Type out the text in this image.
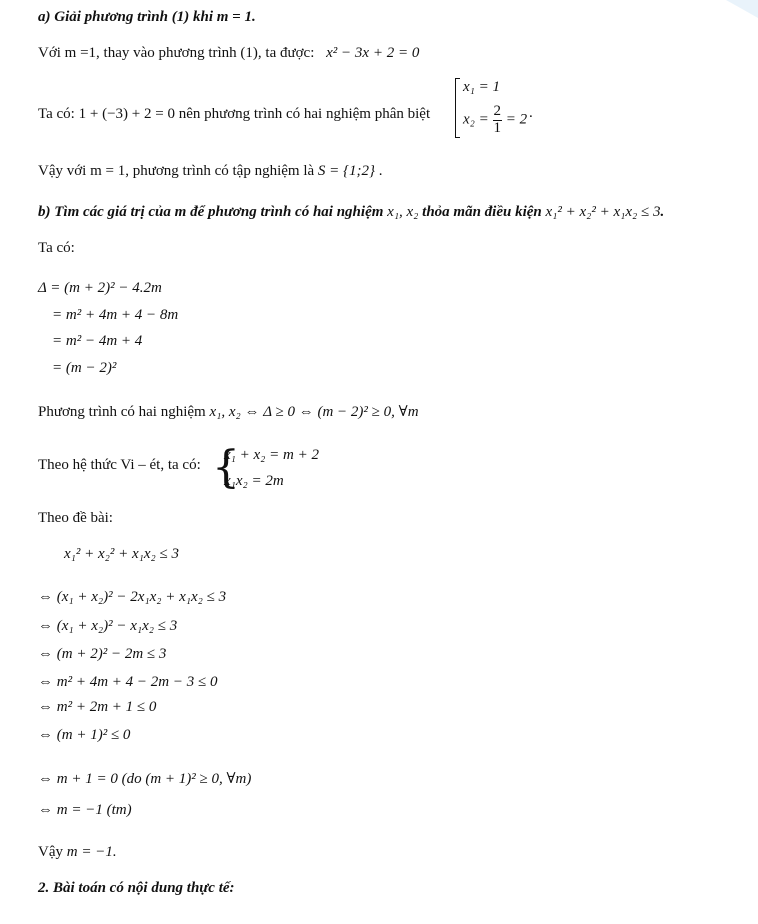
a) Giải phương trình (1) khi m = 1.
Với m =1, thay vào phương trình (1), ta được: x² − 3x + 2 = 0
Ta có: 1 + (−3) + 2 = 0 nên phương trình có hai nghiệm phân biệt
x₁ = 1
$x_2 = \frac{2}{1} = 2$ .
Vậy với m = 1, phương trình có tập nghiệm là S = {1;2} .
b) Tìm các giá trị của m để phương trình có hai nghiệm x₁, x₂ thỏa mãn điều kiện x₁² + x₂² + x₁x₂ ≤ 3.
Ta có:
Δ = (m + 2)² − 4.2m
= m² + 4m + 4 − 8m
= m² − 4m + 4
= (m − 2)²
Phương trình có hai nghiệm x₁, x₂ ⇔ Δ ≥ 0 ⇔ (m − 2)² ≥ 0, ∀m
Theo hệ thức Vi – ét, ta có: {
x₁ + x₂ = m + 2
x₁x₂ = 2m
Theo đề bài:
x₁² + x₂² + x₁x₂ ≤ 3
⇔ (x₁ + x₂)² − 2x₁x₂ + x₁x₂ ≤ 3
⇔ (x₁ + x₂)² − x₁x₂ ≤ 3
⇔ (m + 2)² − 2m ≤ 3
⇔ m² + 4m + 4 − 2m − 3 ≤ 0
⇔ m² + 2m + 1 ≤ 0
⇔ (m + 1)² ≤ 0
⇔ m + 1 = 0 (do (m + 1)² ≥ 0, ∀m)
⇔ m = −1 (tm)
Vậy m = −1.
2. Bài toán có nội dung thực tế:
